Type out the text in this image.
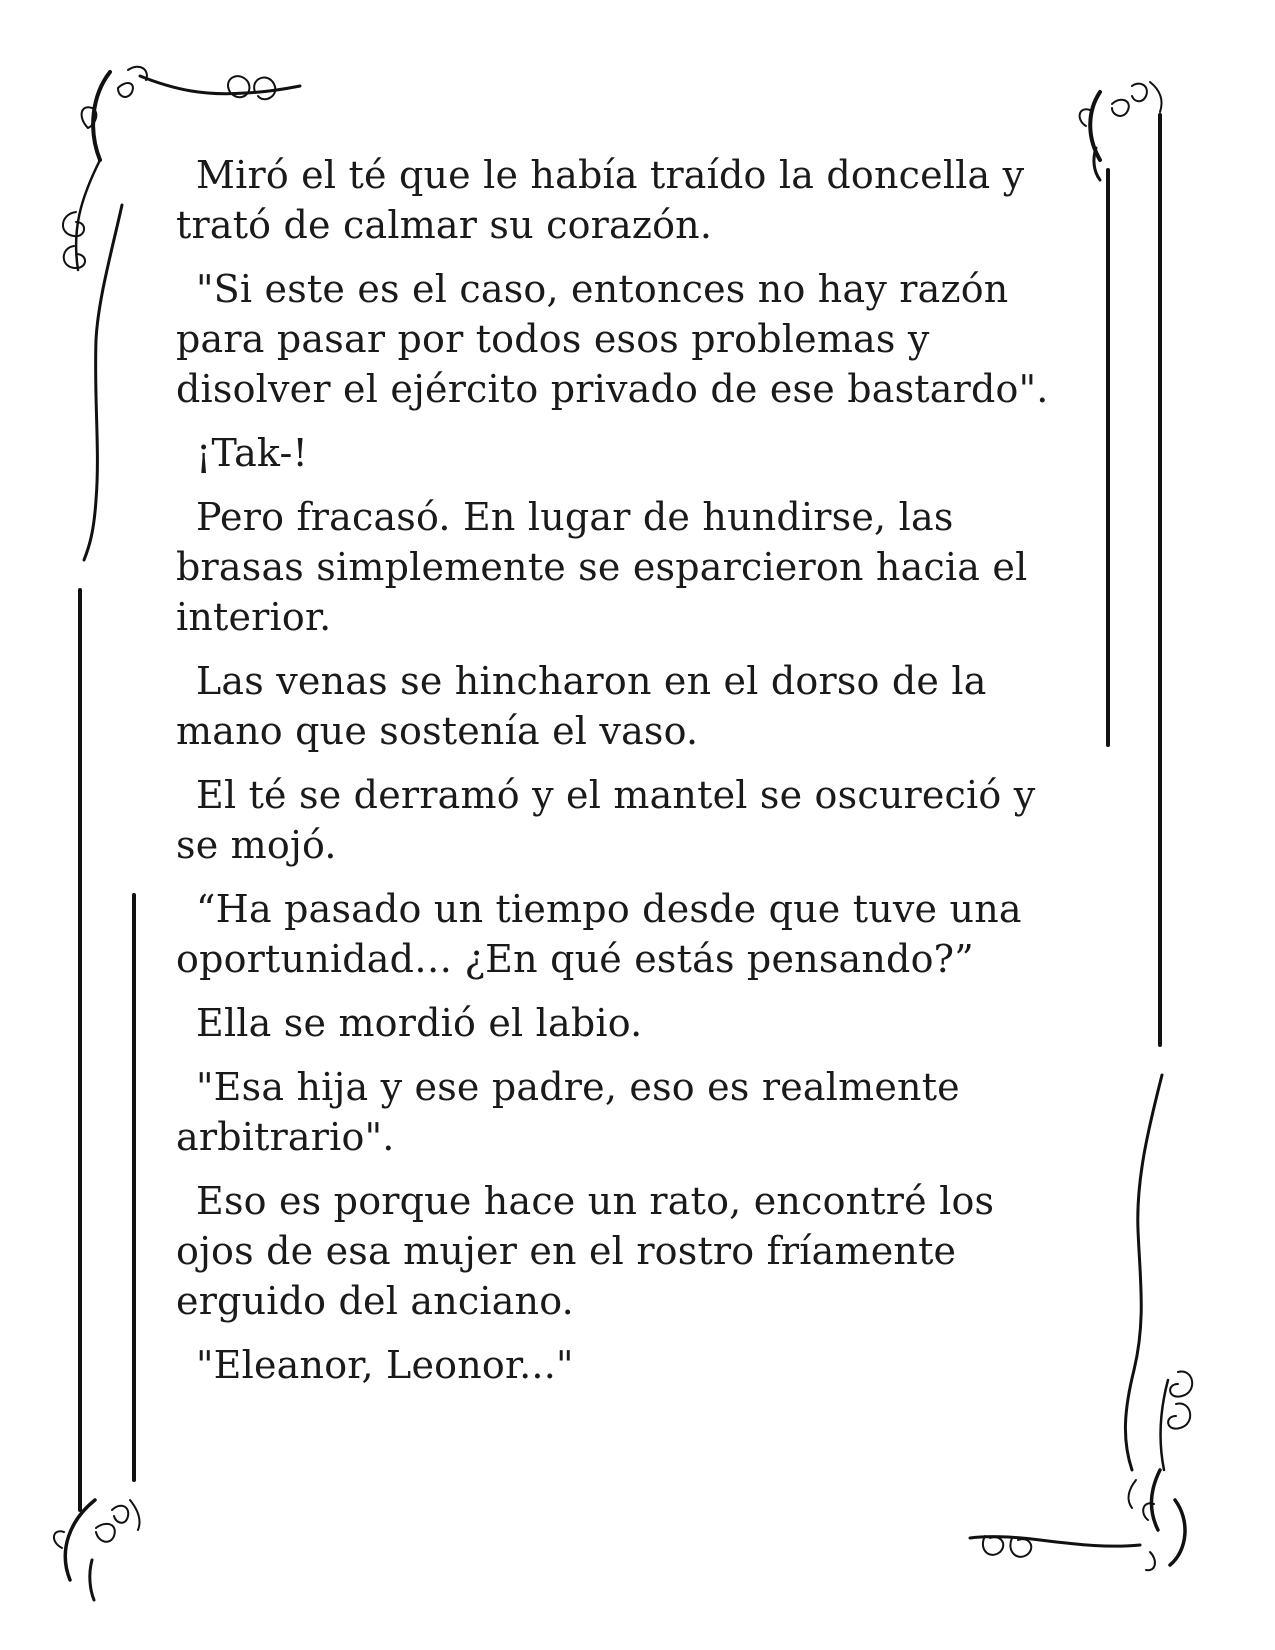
Miró el té que le había traído la doncella y trató de calmar su corazón.

"Si este es el caso, entonces no hay razón para pasar por todos esos problemas y disolver el ejército privado de ese bastardo".

¡Tak-!

Pero fracasó. En lugar de hundirse, las brasas simplemente se esparcieron hacia el interior.

Las venas se hincharon en el dorso de la mano que sostenía el vaso.

El té se derramó y el mantel se oscureció y se mojó.

“Ha pasado un tiempo desde que tuve una oportunidad… ¿En qué estás pensando?”

Ella se mordió el labio.

"Esa hija y ese padre, eso es realmente arbitrario".

Eso es porque hace un rato, encontré los ojos de esa mujer en el rostro fríamente erguido del anciano.

"Eleanor, Leonor..."
